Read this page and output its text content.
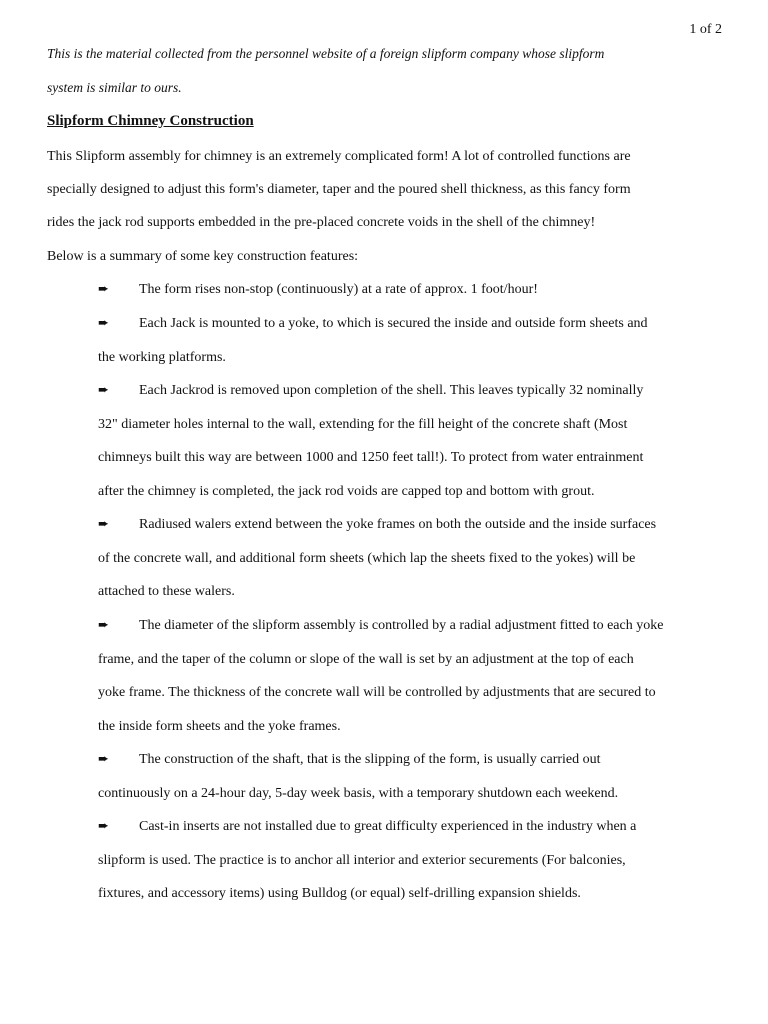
1 of 2

This is the material collected from the personnel website of a foreign slipform company whose slipform
system is similar to ours.

Slipform Chimney Construction

This Slipform assembly for chimney is an extremely complicated form! A lot of controlled functions are
specially designed to adjust this form's diameter, taper and the poured shell thickness, as this fancy form
rides the jack rod supports embedded in the pre-placed concrete voids in the shell of the chimney!

Below is a summary of some key construction features:

➨ The form rises non-stop (continuously) at a rate of approx. 1 foot/hour!
➨ Each Jack is mounted to a yoke, to which is secured the inside and outside form sheets and
the working platforms.
➨ Each Jackrod is removed upon completion of the shell. This leaves typically 32 nominally
32" diameter holes internal to the wall, extending for the fill height of the concrete shaft (Most
chimneys built this way are between 1000 and 1250 feet tall!). To protect from water entrainment
after the chimney is completed, the jack rod voids are capped top and bottom with grout.
➨ Radiused walers extend between the yoke frames on both the outside and the inside surfaces
of the concrete wall, and additional form sheets (which lap the sheets fixed to the yokes) will be
attached to these walers.
➨ The diameter of the slipform assembly is controlled by a radial adjustment fitted to each yoke
frame, and the taper of the column or slope of the wall is set by an adjustment at the top of each
yoke frame. The thickness of the concrete wall will be controlled by adjustments that are secured to
the inside form sheets and the yoke frames.
➨ The construction of the shaft, that is the slipping of the form, is usually carried out
continuously on a 24-hour day, 5-day week basis, with a temporary shutdown each weekend.
➨ Cast-in inserts are not installed due to great difficulty experienced in the industry when a
slipform is used. The practice is to anchor all interior and exterior securements (For balconies,
fixtures, and accessory items) using Bulldog (or equal) self-drilling expansion shields.
